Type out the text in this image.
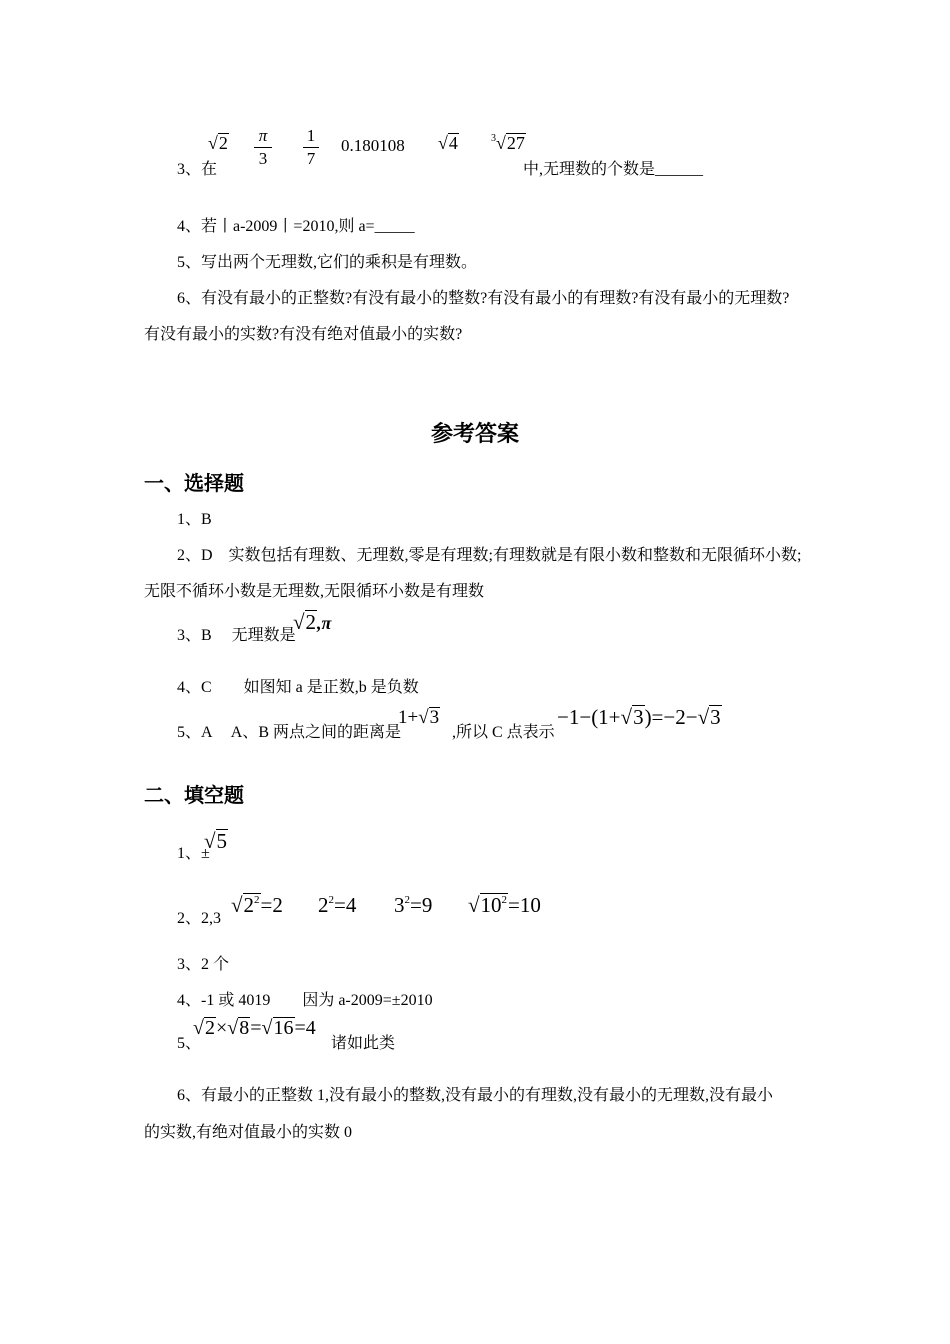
3、在
√2 π
3
1
7
0.180108 √4	$^3$√27
中,无理数的个数是______
4、若丨a-2009丨=2010,则 a=_____
5、写出两个无理数,它们的乘积是有理数。
6、有没有最小的正整数?有没有最小的整数?有没有最小的有理数?有没有最小的无理数?
有没有最小的实数?有没有绝对值最小的实数?
参考答案
一、选择题
1、B
2、D　实数包括有理数、无理数,零是有理数;有理数就是有限小数和整数和无限循环小数;
无限不循环小数是无理数,无限循环小数是有理数
3、B　 无理数是
√2,π
4、C　　如图知 a 是正数,b 是负数
5、A　 A、B 两点之间的距离是
1+√3
,所以 C 点表示
−1−(1+√3)=−2−√3
二、填空题
1、±
√5
2、2,3
$√2^2=2$ $2^2=4$ $3^2=9$ $√10^2=10$
3、2 个
4、-1 或 4019　　因为 a-2009=±2010
5、
√2×√8=√16=4
诸如此类
6、有最小的正整数 1,没有最小的整数,没有最小的有理数,没有最小的无理数,没有最小
的实数,有绝对值最小的实数 0
